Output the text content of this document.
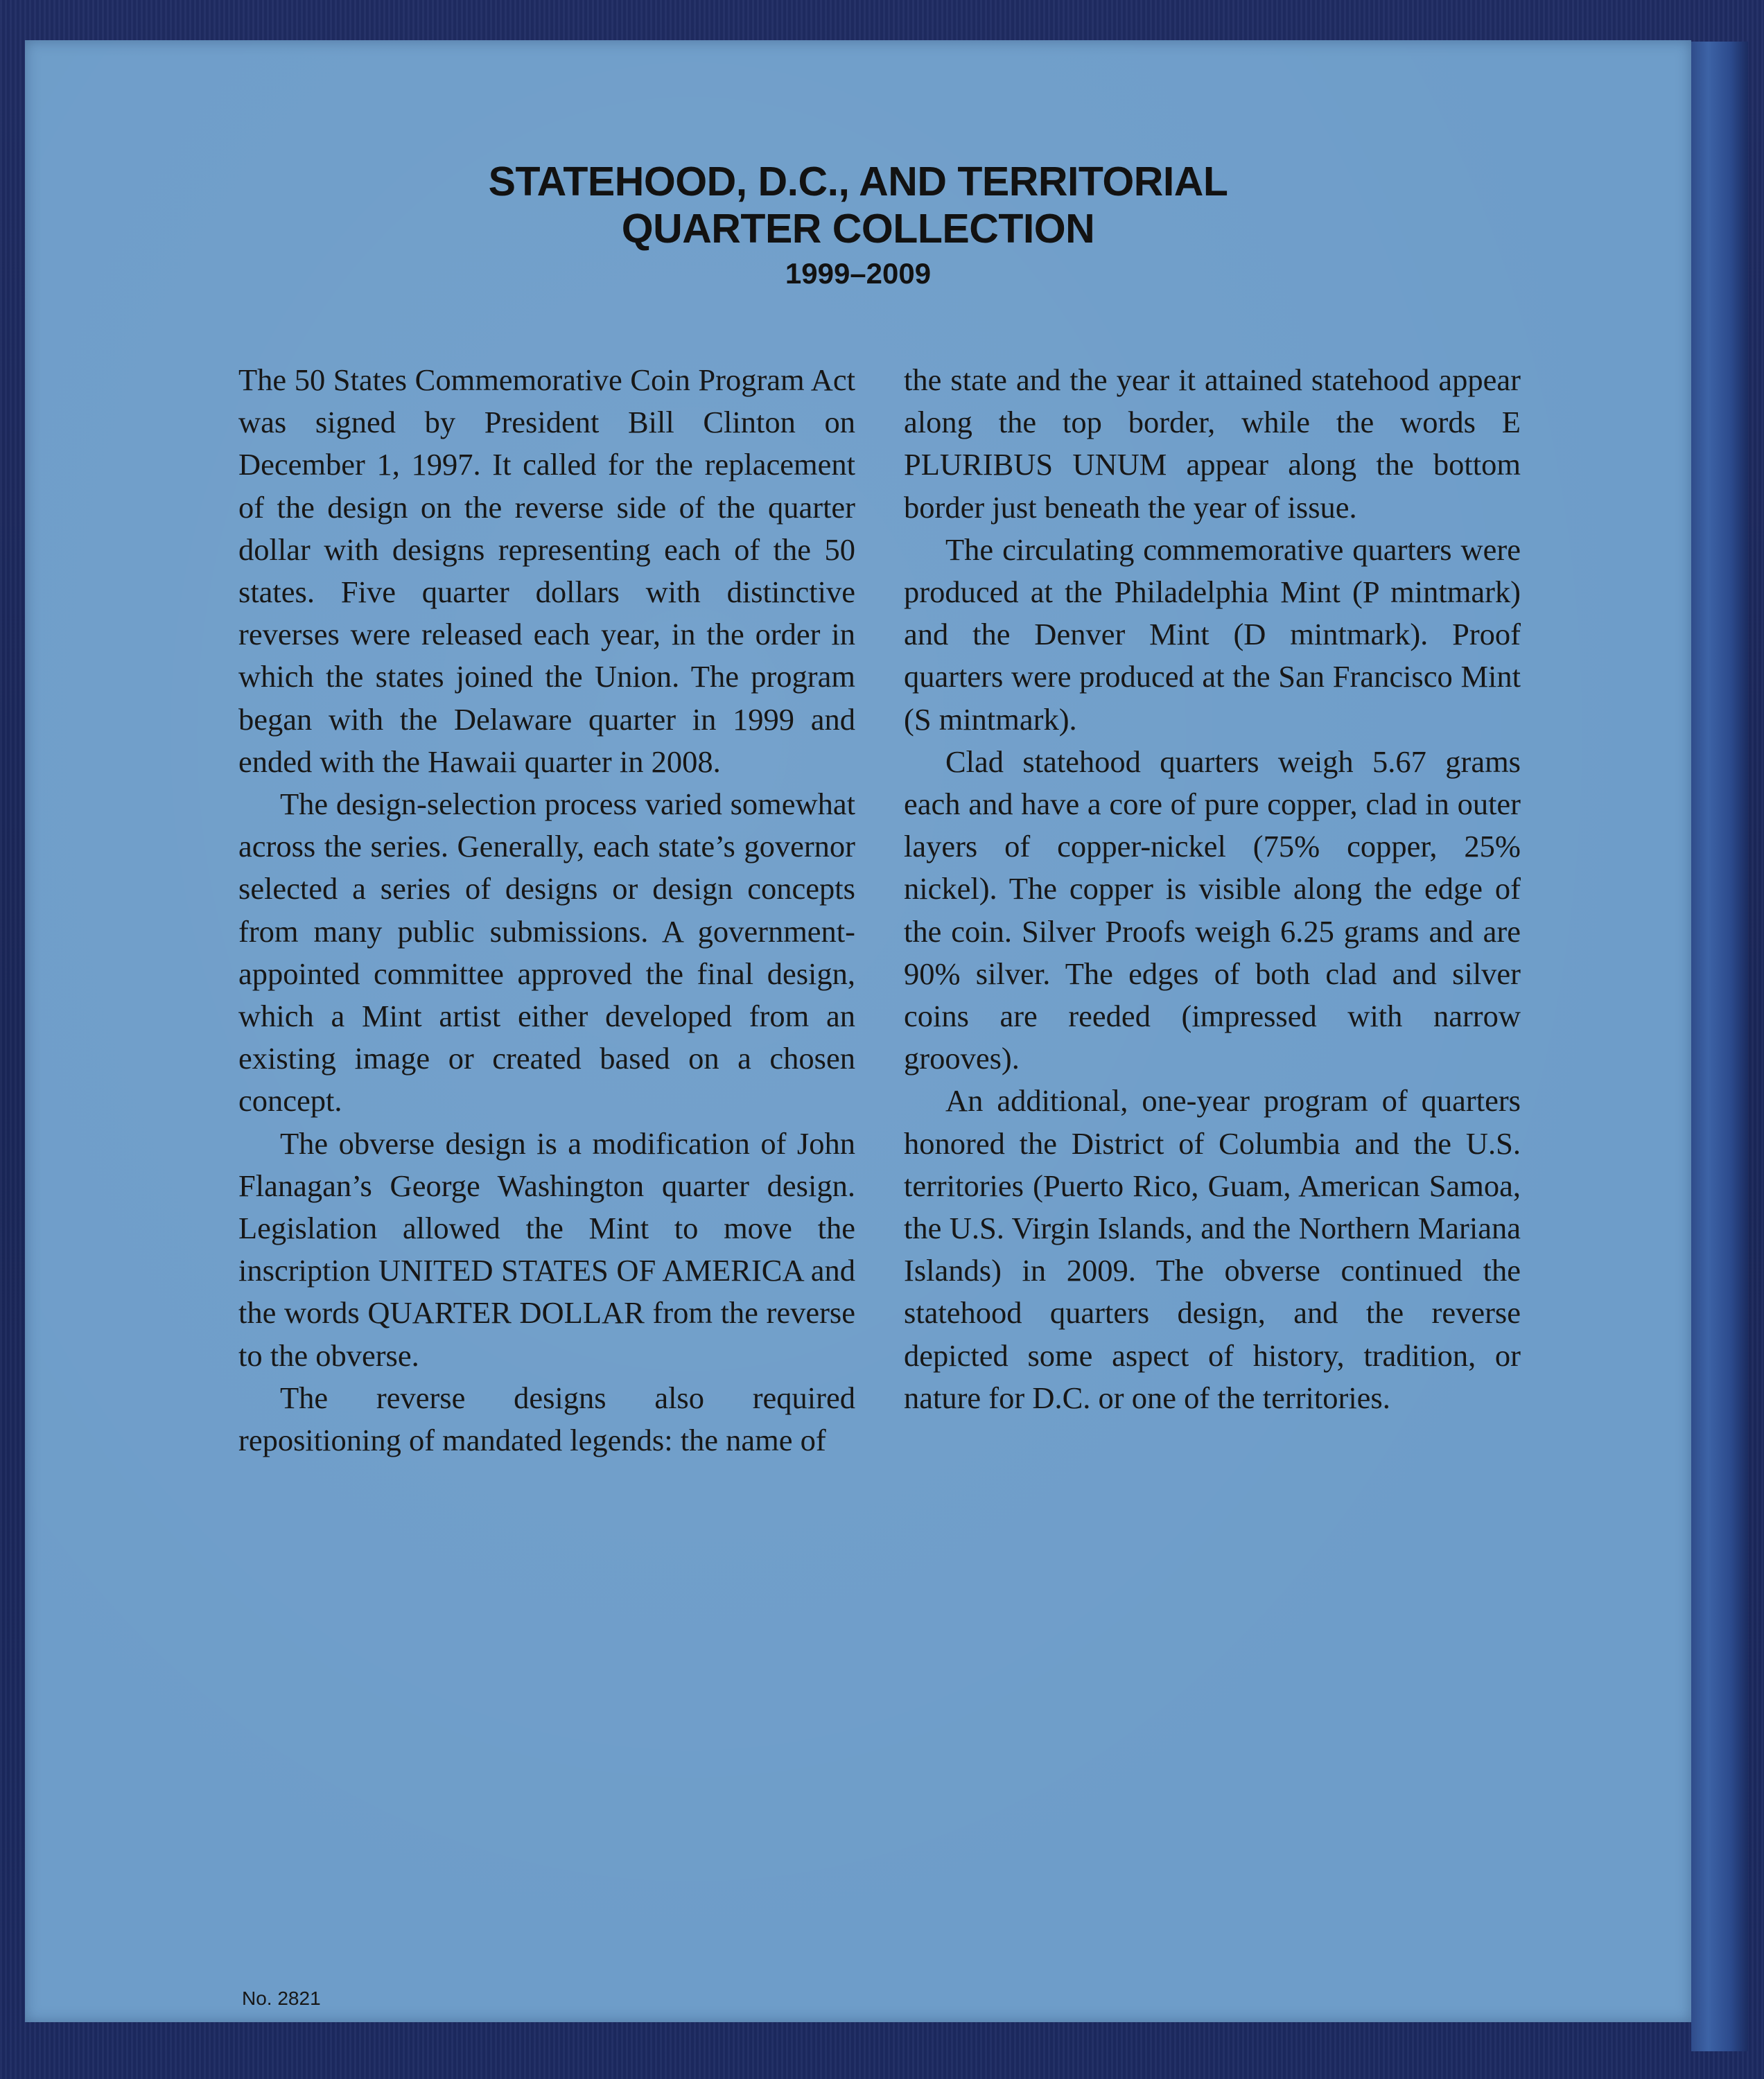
STATEHOOD, D.C., AND TERRITORIAL
QUARTER COLLECTION
1999–2009

The 50 States Commemorative Coin Program Act was signed by President Bill Clinton on December 1, 1997. It called for the replacement of the design on the reverse side of the quarter dollar with designs representing each of the 50 states. Five quarter dollars with distinctive reverses were released each year, in the order in which the states joined the Union. The program began with the Delaware quarter in 1999 and ended with the Hawaii quarter in 2008.

The design-selection process varied somewhat across the series. Generally, each state’s governor selected a series of designs or design concepts from many public submissions. A government-appointed committee approved the final design, which a Mint artist either developed from an existing image or created based on a chosen concept.

The obverse design is a modification of John Flanagan’s George Washington quarter design. Legislation allowed the Mint to move the inscription UNITED STATES OF AMERICA and the words QUARTER DOLLAR from the reverse to the obverse.

The reverse designs also required repositioning of mandated legends: the name of

the state and the year it attained statehood appear along the top border, while the words E PLURIBUS UNUM appear along the bottom border just beneath the year of issue.

The circulating commemorative quarters were produced at the Philadelphia Mint (P mintmark) and the Denver Mint (D mintmark). Proof quarters were produced at the San Francisco Mint (S mintmark).

Clad statehood quarters weigh 5.67 grams each and have a core of pure copper, clad in outer layers of copper-nickel (75% copper, 25% nickel). The copper is visible along the edge of the coin. Silver Proofs weigh 6.25 grams and are 90% silver. The edges of both clad and silver coins are reeded (impressed with narrow grooves).

An additional, one-year program of quarters honored the District of Columbia and the U.S. territories (Puerto Rico, Guam, American Samoa, the U.S. Virgin Islands, and the Northern Mariana Islands) in 2009. The obverse continued the statehood quarters design, and the reverse depicted some aspect of history, tradition, or nature for D.C. or one of the territories.

No. 2821
